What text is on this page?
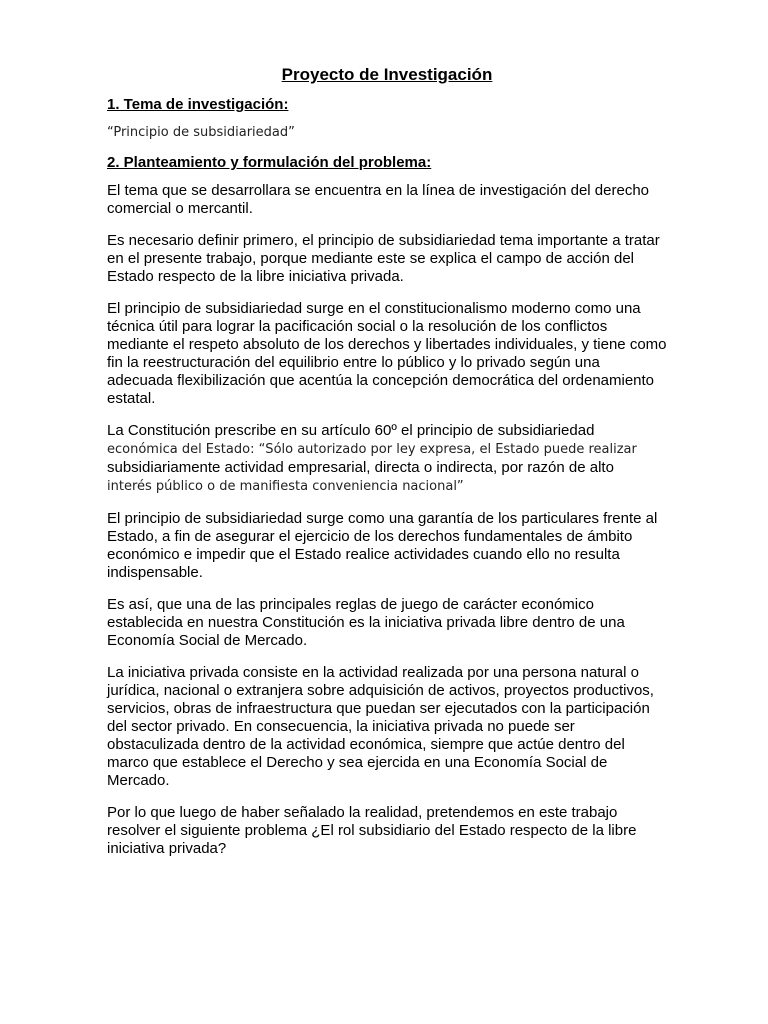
Proyecto de Investigación
1. Tema de investigación:
“Principio de subsidiariedad”
2. Planteamiento y formulación del problema:

El tema que se desarrollara se encuentra en la línea de investigación del derecho comercial o mercantil.

Es necesario definir primero, el principio de subsidiariedad tema importante a tratar en el presente trabajo, porque mediante este se explica el campo de acción del Estado respecto de la libre iniciativa privada.

El principio de subsidiariedad surge en el constitucionalismo moderno como una técnica útil para lograr la pacificación social o la resolución de los conflictos mediante el respeto absoluto de los derechos y libertades individuales, y tiene como fin la reestructuración del equilibrio entre lo público y lo privado según una adecuada flexibilización que acentúa la concepción democrática del ordenamiento estatal.

La Constitución prescribe en su artículo 60º el principio de subsidiariedad
económica del Estado: “Sólo autorizado por ley expresa, el Estado puede realizar
subsidiariamente actividad empresarial, directa o indirecta, por razón de alto
interés público o de manifiesta conveniencia nacional”

El principio de subsidiariedad surge como una garantía de los particulares frente al Estado, a fin de asegurar el ejercicio de los derechos fundamentales de ámbito económico e impedir que el Estado realice actividades cuando ello no resulta indispensable.

Es así, que una de las principales reglas de juego de carácter económico establecida en nuestra Constitución es la iniciativa privada libre dentro de una Economía Social de Mercado.

La iniciativa privada consiste en la actividad realizada por una persona natural o jurídica, nacional o extranjera sobre adquisición de activos, proyectos productivos, servicios, obras de infraestructura que puedan ser ejecutados con la participación del sector privado. En consecuencia, la iniciativa privada no puede ser obstaculizada dentro de la actividad económica, siempre que actúe dentro del marco que establece el Derecho y sea ejercida en una Economía Social de Mercado.

Por lo que luego de haber señalado la realidad, pretendemos en este trabajo resolver el siguiente problema ¿El rol subsidiario del Estado respecto de la libre iniciativa privada?
